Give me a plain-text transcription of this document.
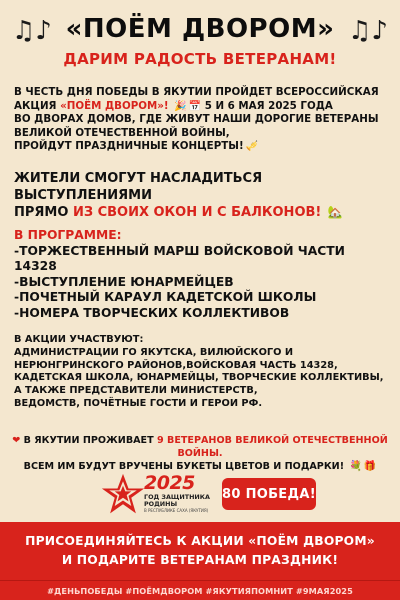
♫♪	♫♪
«ПОЁМ ДВОРОМ»
ДАРИМ РАДОСТЬ ВЕТЕРАНАМ!
В ЧЕСТЬ ДНЯ ПОБЕДЫ В ЯКУТИИ ПРОЙДЕТ ВСЕРОССИЙСКАЯ
АКЦИЯ «ПОЁМ ДВОРОМ»! 🎉 📅 5 И 6 МАЯ 2025 ГОДА
ВО ДВОРАХ ДОМОВ, ГДЕ ЖИВУТ НАШИ ДОРОГИЕ ВЕТЕРАНЫ
ВЕЛИКОЙ ОТЕЧЕСТВЕННОЙ ВОЙНЫ,
ПРОЙДУТ ПРАЗДНИЧНЫЕ КОНЦЕРТЫ! 🎺
ЖИТЕЛИ СМОГУТ НАСЛАДИТЬСЯ ВЫСТУПЛЕНИЯМИ
ПРЯМО ИЗ СВОИХ ОКОН И С БАЛКОНОВ! 🏡
В ПРОГРАММЕ:
-ТОРЖЕСТВЕННЫЙ МАРШ ВОЙСКОВОЙ ЧАСТИ 14328
-ВЫСТУПЛЕНИЕ ЮНАРМЕЙЦЕВ
-ПОЧЕТНЫЙ КАРАУЛ КАДЕТСКОЙ ШКОЛЫ
-НОМЕРА ТВОРЧЕСКИХ КОЛЛЕКТИВОВ
В АКЦИИ УЧАСТВУЮТ:
АДМИНИСТРАЦИИ ГО ЯКУТСКА, ВИЛЮЙСКОГО И
НЕРЮНГРИНСКОГО РАЙОНОВ,ВОЙСКОВАЯ ЧАСТЬ 14328,
КАДЕТСКАЯ ШКОЛА, ЮНАРМЕЙЦЫ, ТВОРЧЕСКИЕ КОЛЛЕКТИВЫ,
А ТАКЖЕ ПРЕДСТАВИТЕЛИ МИНИСТЕРСТВ,
ВЕДОМСТВ, ПОЧЁТНЫЕ ГОСТИ И ГЕРОИ РФ.
❤ В ЯКУТИИ ПРОЖИВАЕТ 9 ВЕТЕРАНОВ ВЕЛИКОЙ ОТЕЧЕСТВЕННОЙ ВОЙНЫ.
ВСЕМ ИМ БУДУТ ВРУЧЕНЫ БУКЕТЫ ЦВЕТОВ И ПОДАРКИ! 💐 🎁
2025
ГОД ЗАЩИТНИКА РОДИНЫ
В РЕСПУБЛИКЕ САХА (ЯКУТИЯ)
80 ПОБЕДА!
ПРИСОЕДИНЯЙТЕСЬ К АКЦИИ «ПОЁМ ДВОРОМ»
И ПОДАРИТЕ ВЕТЕРАНАМ ПРАЗДНИК!
#ДЕНЬПОБЕДЫ #ПОЁМДВОРОМ #ЯКУТИЯПОМНИТ #9МАЯ2025
